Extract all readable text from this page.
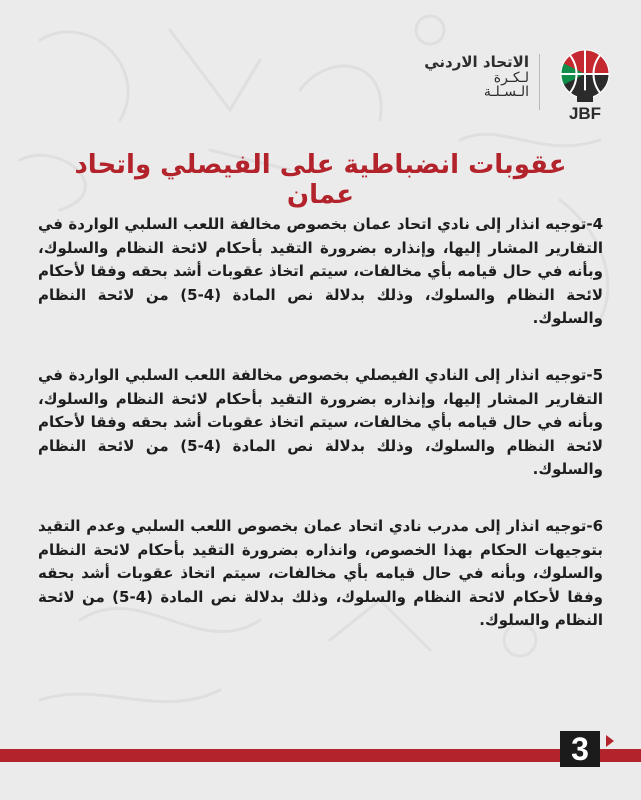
JBF
الاتحاد الاردني
لـكـرة
الـسـلـة
عقوبات انضباطية على الفيصلي واتحاد عمان

4-توجيه انذار إلى نادي اتحاد عمان بخصوص مخالفة اللعب السلبي الواردة في التقارير المشار إليها، وإنذاره بضرورة التقيد بأحكام لائحة النظام والسلوك، وبأنه في حال قيامه بأي مخالفات، سيتم اتخاذ عقوبات أشد بحقه وفقا لأحكام لائحة النظام والسلوك، وذلك بدلالة نص المادة (4-5) من لائحة النظام والسلوك.

5-توجيه انذار إلى النادي الفيصلي بخصوص مخالفة اللعب السلبي الواردة في التقارير المشار إليها، وإنذاره بضرورة التقيد بأحكام لائحة النظام والسلوك، وبأنه في حال قيامه بأي مخالفات، سيتم اتخاذ عقوبات أشد بحقه وفقا لأحكام لائحة النظام والسلوك، وذلك بدلالة نص المادة (4-5) من لائحة النظام والسلوك.

6-توجيه انذار إلى مدرب نادي اتحاد عمان بخصوص اللعب السلبي وعدم التقيد بتوجيهات الحكام بهذا الخصوص، وانذاره بضرورة التقيد بأحكام لائحة النظام والسلوك، وبأنه في حال قيامه بأي مخالفات، سيتم اتخاذ عقوبات أشد بحقه وفقا لأحكام لائحة النظام والسلوك، وذلك بدلالة نص المادة (4-5) من لائحة النظام والسلوك.

3
